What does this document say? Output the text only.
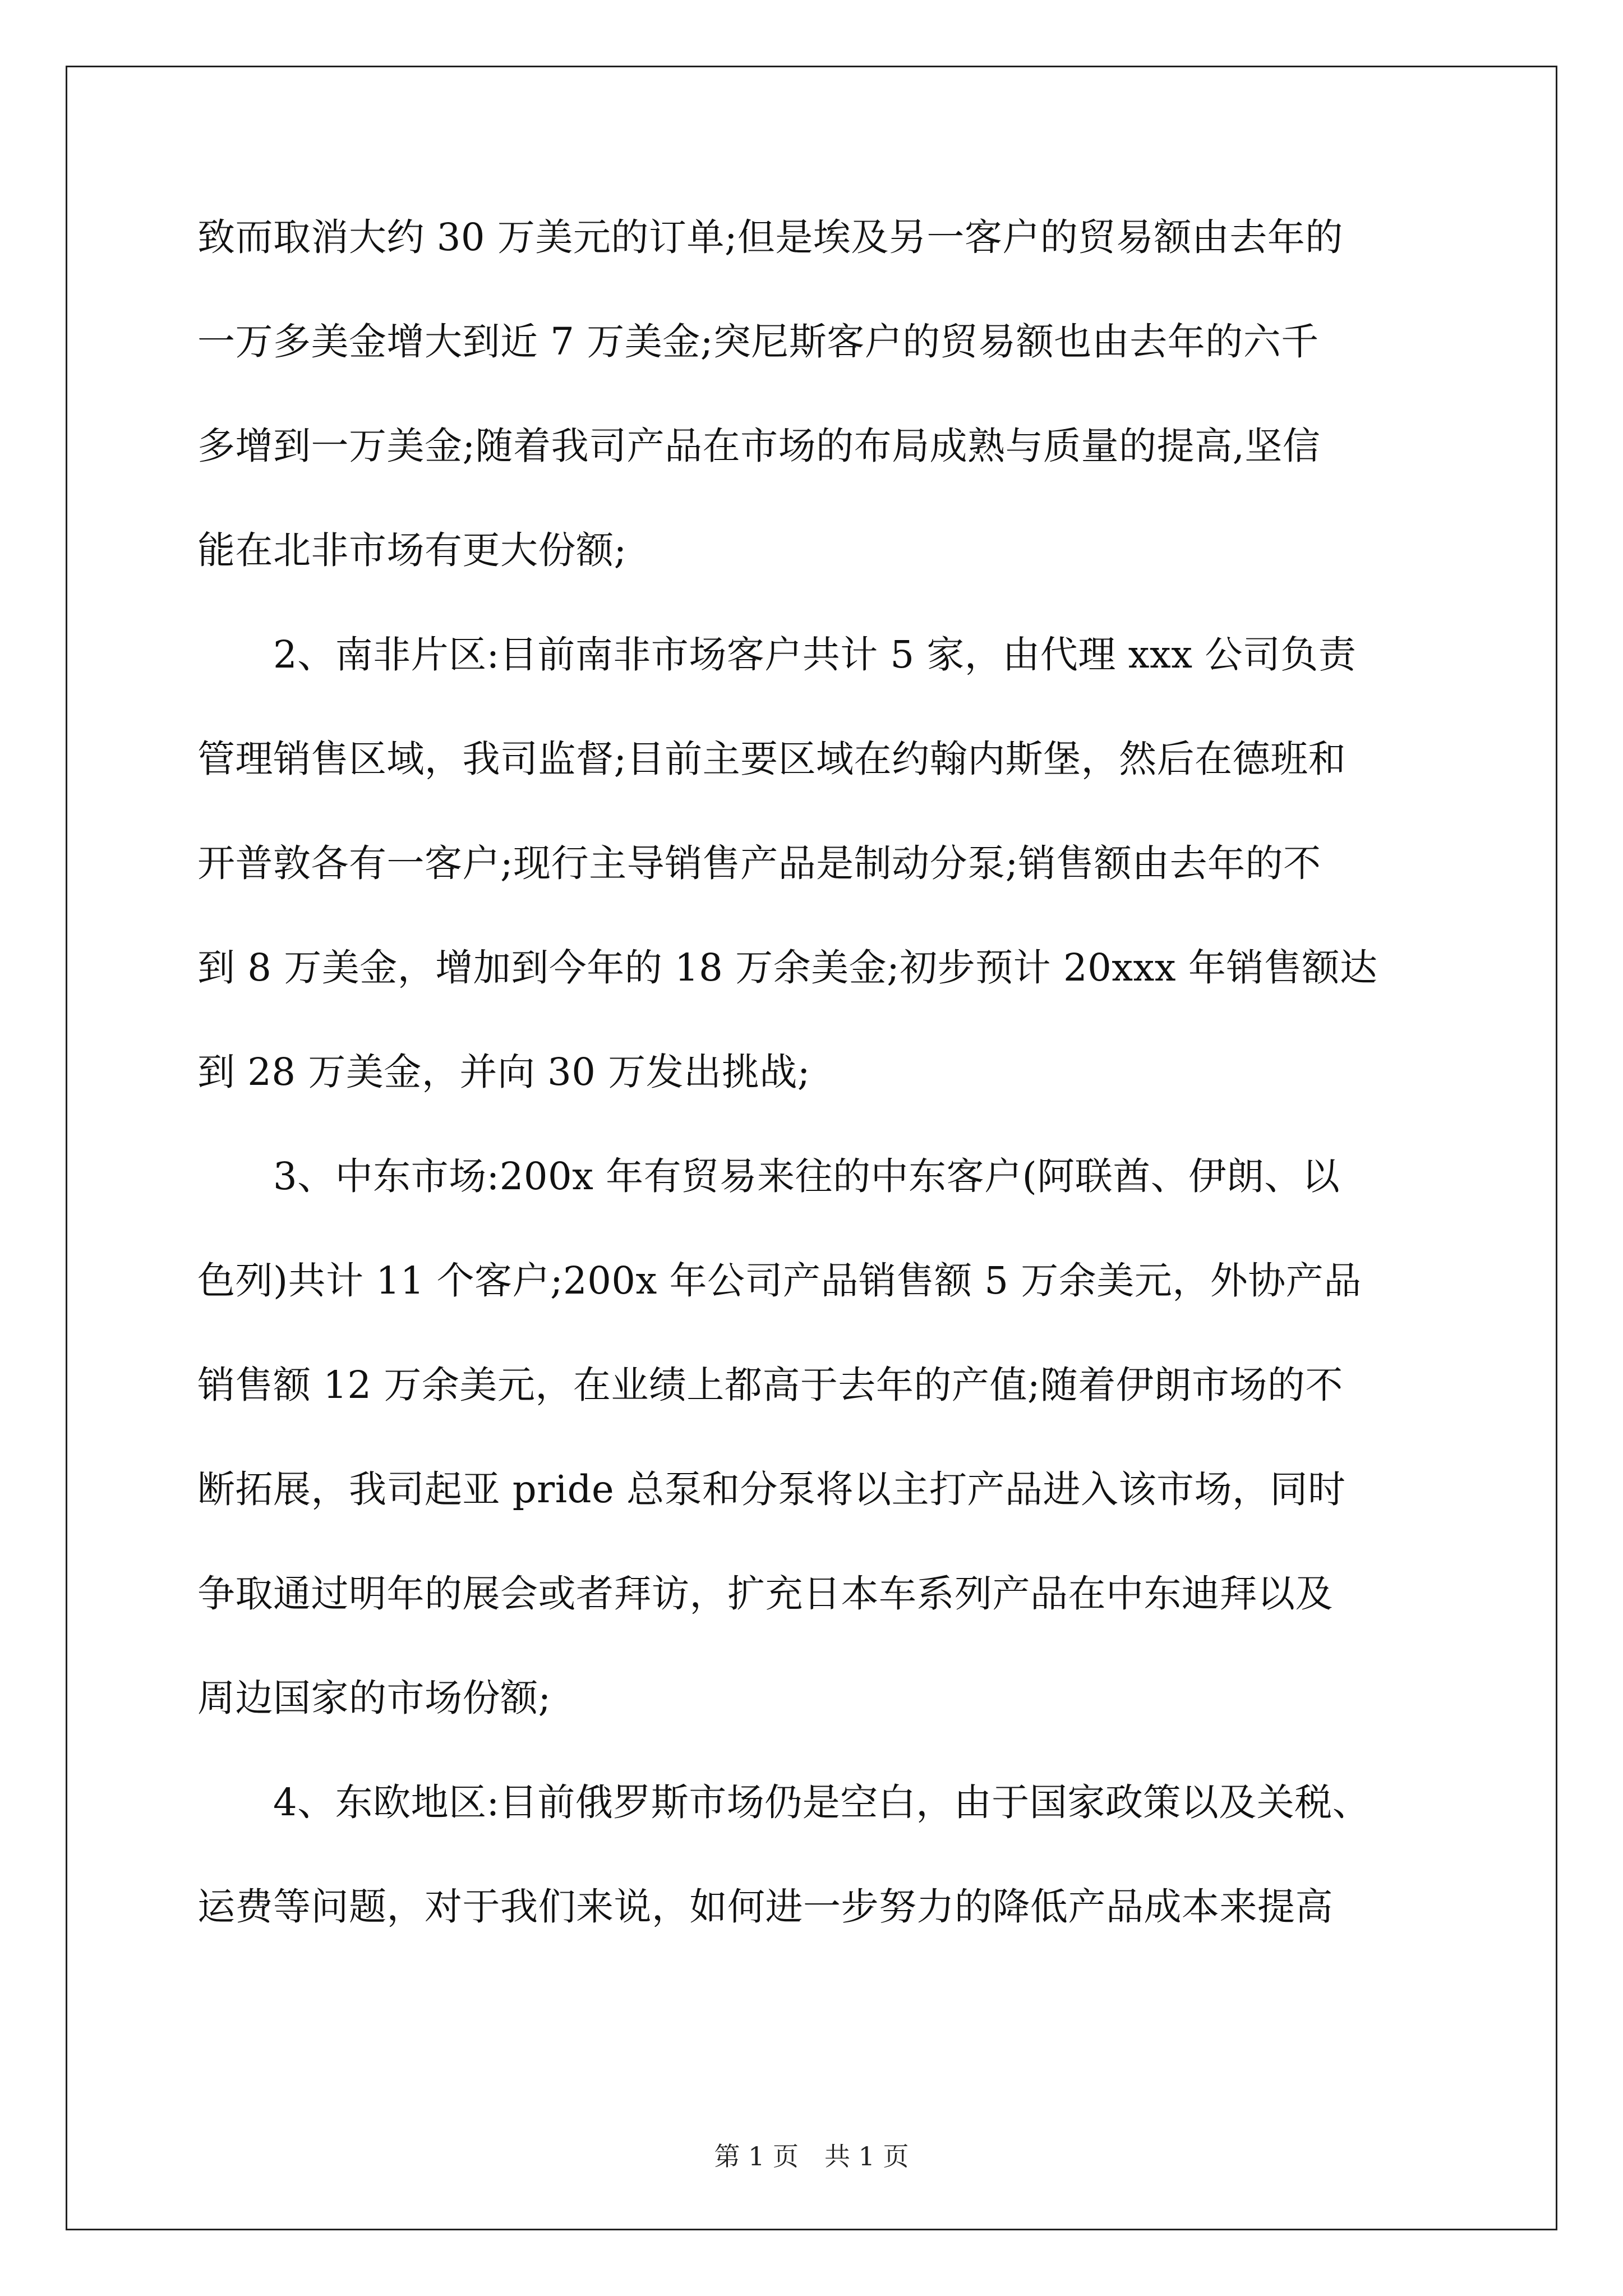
致而取消大约 30 万美元的订单;但是埃及另一客户的贸易额由去年的
一万多美金增大到近 7 万美金;突尼斯客户的贸易额也由去年的六千
多增到一万美金;随着我司产品在市场的布局成熟与质量的提高,坚信
能在北非市场有更大份额;
　　2、南非片区:目前南非市场客户共计 5 家，由代理 xxx 公司负责
管理销售区域，我司监督;目前主要区域在约翰内斯堡，然后在德班和
开普敦各有一客户;现行主导销售产品是制动分泵;销售额由去年的不
到 8 万美金，增加到今年的 18 万余美金;初步预计 20xxx 年销售额达
到 28 万美金，并向 30 万发出挑战;
　　3、中东市场:200x 年有贸易来往的中东客户(阿联酋、伊朗、以
色列)共计 11 个客户;200x 年公司产品销售额 5 万余美元，外协产品
销售额 12 万余美元，在业绩上都高于去年的产值;随着伊朗市场的不
断拓展，我司起亚 pride 总泵和分泵将以主打产品进入该市场，同时
争取通过明年的展会或者拜访，扩充日本车系列产品在中东迪拜以及
周边国家的市场份额;
　　4、东欧地区:目前俄罗斯市场仍是空白，由于国家政策以及关税、
运费等问题，对于我们来说，如何进一步努力的降低产品成本来提高
第 1 页　共 1 页
